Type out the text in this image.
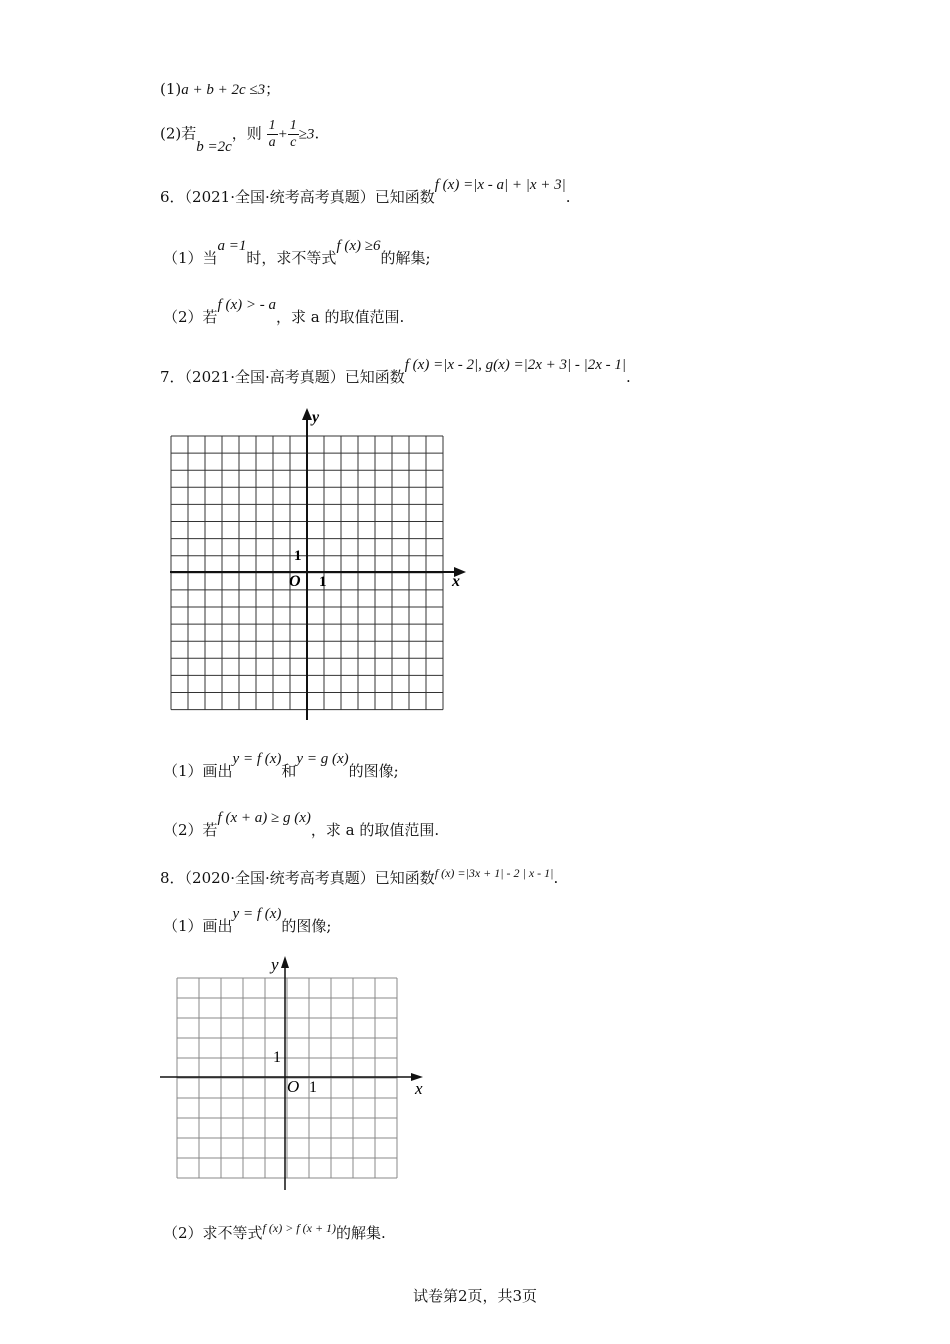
(1)a + b + 2c ≤3；
(2)若b =2c，则 $\frac{1}{a} + \frac{1}{c} \ge 3$.
6．（2021·全国·统考高考真题）已知函数f (x) =|x - a| + |x + 3|.
（1）当a =1时，求不等式f (x) ≥6的解集;
（2）若f (x) > - a，求 a 的取值范围.
7．（2021·全国·高考真题）已知函数f (x) =|x - 2|, g(x) =|2x + 3| - |2x - 1|.
y
x
O 1
1
（1）画出y = f (x)和y = g (x)的图像;
（2）若f (x + a) ≥ g (x)，求 a 的取值范围.
8．（2020·全国·统考高考真题）已知函数$^{f (x) =|3x + 1| - 2 | x - 1|}$.
（1）画出y = f (x)的图像;
y
x
O 1
1
（2）求不等式$^{f (x) > f (x + 1)}$的解集.
试卷第2页，共3页
